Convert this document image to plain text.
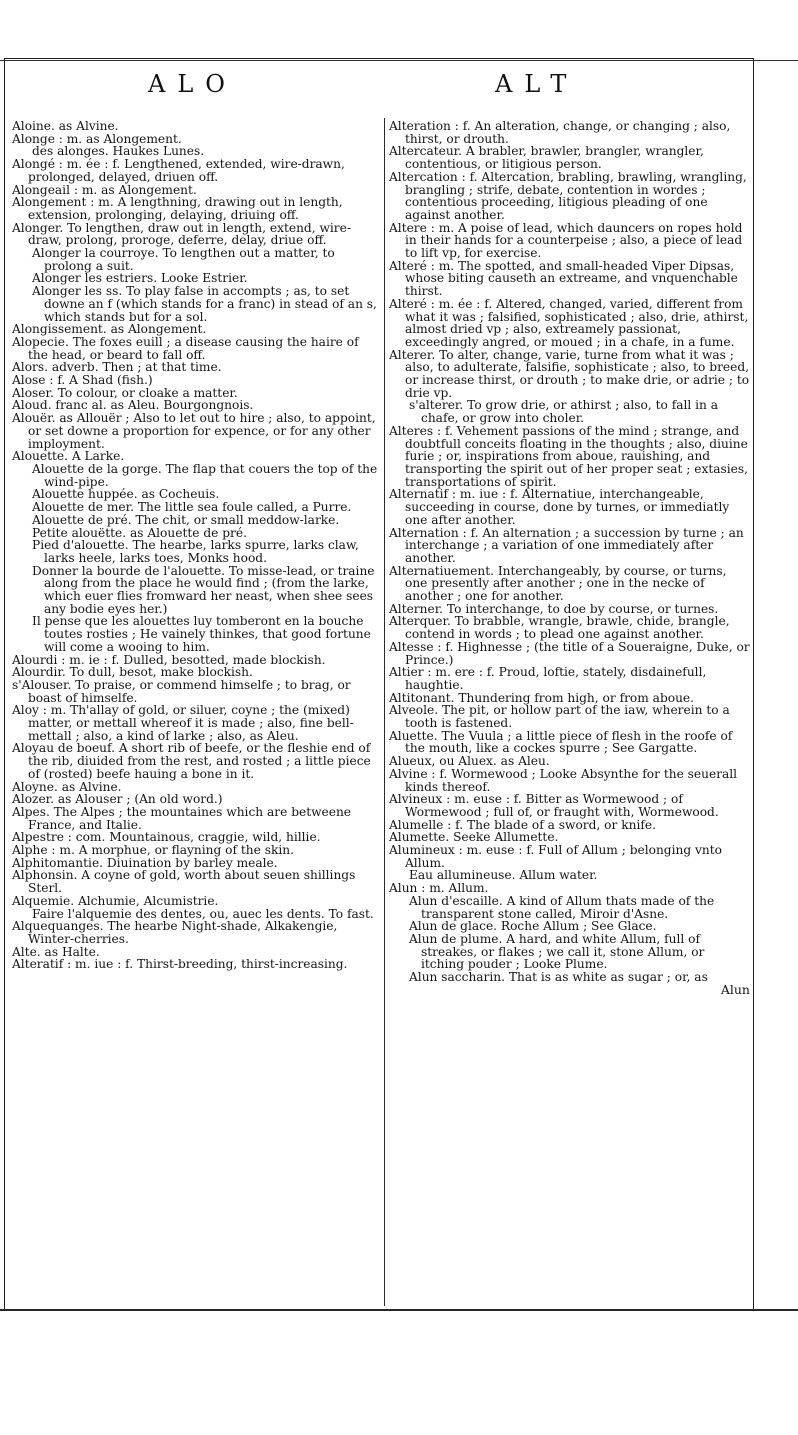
ALO	ALT

Aloine. as Alvine.

Alonge : m. as Alongement.

des alonges. Haukes Lunes.

Alongé : m. ée : f. Lengthened, extended, wire-drawn, prolonged, delayed, driuen off.

Alongeail : m. as Alongement.

Alongement : m. A lengthning, drawing out in length, extension, prolonging, delaying, driuing off.

Alonger. To lengthen, draw out in length, extend, wire-draw, prolong, proroge, deferre, delay, driue off.

Alonger la courroye. To lengthen out a matter, to prolong a suit.

Alonger les estriers. Looke Estrier.

Alonger les ss. To play false in accompts ; as, to set downe an f (which stands for a franc) in stead of an s, which stands but for a sol.

Alongissement. as Alongement.

Alopecie. The foxes euill ; a disease causing the haire of the head, or beard to fall off.

Alors. adverb. Then ; at that time.

Alose : f. A Shad (fish.)

Aloser. To colour, or cloake a matter.

Aloud. franc al. as Aleu. Bourgongnois.

Alouër. as Allouër ; Also to let out to hire ; also, to appoint, or set downe a proportion for expence, or for any other imployment.

Alouette. A Larke.

Alouette de la gorge. The flap that couers the top of the wind-pipe.

Alouette huppée. as Cocheuis.

Alouette de mer. The little sea foule called, a Purre.

Alouette de pré. The chit, or small meddow-larke.

Petite alouëtte. as Alouette de pré.

Pied d'alouette. The hearbe, larks spurre, larks claw, larks heele, larks toes, Monks hood.

Donner la bourde de l'alouette. To misse-lead, or traine along from the place he would find ; (from the larke, which euer flies fromward her neast, when shee sees any bodie eyes her.)

Il pense que les alouettes luy tomberont en la bouche toutes rosties ; He vainely thinkes, that good fortune will come a wooing to him.

Alourdi : m. ie : f. Dulled, besotted, made blockish.

Alourdir. To dull, besot, make blockish.

s'Alouser. To praise, or commend himselfe ; to brag, or boast of himselfe.

Aloy : m. Th'allay of gold, or siluer, coyne ; the (mixed) matter, or mettall whereof it is made ; also, fine bell-mettall ; also, a kind of larke ; also, as Aleu.

Aloyau de boeuf. A short rib of beefe, or the fleshie end of the rib, diuided from the rest, and rosted ; a little piece of (rosted) beefe hauing a bone in it.

Aloyne. as Alvine.

Alozer. as Alouser ; (An old word.)

Alpes. The Alpes ; the mountaines which are betweene France, and Italie.

Alpestre : com. Mountainous, craggie, wild, hillie.

Alphe : m. A morphue, or flayning of the skin.

Alphitomantie. Diuination by barley meale.

Alphonsin. A coyne of gold, worth about seuen shillings Sterl.

Alquemie. Alchumie, Alcumistrie.

Faire l'alquemie des dentes, ou, auec les dents. To fast.

Alquequanges. The hearbe Night-shade, Alkakengie, Winter-cherries.

Alte. as Halte.

Alteratif : m. iue : f. Thirst-breeding, thirst-increasing.

Alteration : f. An alteration, change, or changing ; also, thirst, or drouth.

Altercateur. A brabler, brawler, brangler, wrangler, contentious, or litigious person.

Altercation : f. Altercation, brabling, brawling, wrangling, brangling ; strife, debate, contention in wordes ; contentious proceeding, litigious pleading of one against another.

Altere : m. A poise of lead, which dauncers on ropes hold in their hands for a counterpeise ; also, a piece of lead to lift vp, for exercise.

Alteré : m. The spotted, and small-headed Viper Dipsas, whose biting causeth an extreame, and vnquenchable thirst.

Alteré : m. ée : f. Altered, changed, varied, different from what it was ; falsified, sophisticated ; also, drie, athirst, almost dried vp ; also, extreamely passionat, exceedingly angred, or moued ; in a chafe, in a fume.

Alterer. To alter, change, varie, turne from what it was ; also, to adulterate, falsifie, sophisticate ; also, to breed, or increase thirst, or drouth ; to make drie, or adrie ; to drie vp.

s'alterer. To grow drie, or athirst ; also, to fall in a chafe, or grow into choler.

Alteres : f. Vehement passions of the mind ; strange, and doubtfull conceits floating in the thoughts ; also, diuine furie ; or, inspirations from aboue, rauishing, and transporting the spirit out of her proper seat ; extasies, transportations of spirit.

Alternatif : m. iue : f. Alternatiue, interchangeable, succeeding in course, done by turnes, or immediatly one after another.

Alternation : f. An alternation ; a succession by turne ; an interchange ; a variation of one immediately after another.

Alternatiuement. Interchangeably, by course, or turns, one presently after another ; one in the necke of another ; one for another.

Alterner. To interchange, to doe by course, or turnes.

Alterquer. To brabble, wrangle, brawle, chide, brangle, contend in words ; to plead one against another.

Altesse : f. Highnesse ; (the title of a Soueraigne, Duke, or Prince.)

Altier : m. ere : f. Proud, loftie, stately, disdainefull, haughtie.

Altitonant. Thundering from high, or from aboue.

Alveole. The pit, or hollow part of the iaw, wherein to a tooth is fastened.

Aluette. The Vuula ; a little piece of flesh in the roofe of the mouth, like a cockes spurre ; See Gargatte.

Alueux, ou Aluex. as Aleu.

Alvine : f. Wormewood ; Looke Absynthe for the seuerall kinds thereof.

Alvineux : m. euse : f. Bitter as Wormewood ; of Wormewood ; full of, or fraught with, Wormewood.

Alumelle : f. The blade of a sword, or knife.

Alumette. Seeke Allumette.

Alumineux : m. euse : f. Full of Allum ; belonging vnto Allum.

Eau allumineuse. Allum water.

Alun : m. Allum.

Alun d'escaille. A kind of Allum thats made of the transparent stone called, Miroir d'Asne.

Alun de glace. Roche Allum ; See Glace.

Alun de plume. A hard, and white Allum, full of streakes, or flakes ; we call it, stone Allum, or itching pouder ; Looke Plume.

Alun saccharin. That is as white as sugar ; or, as

Alun
